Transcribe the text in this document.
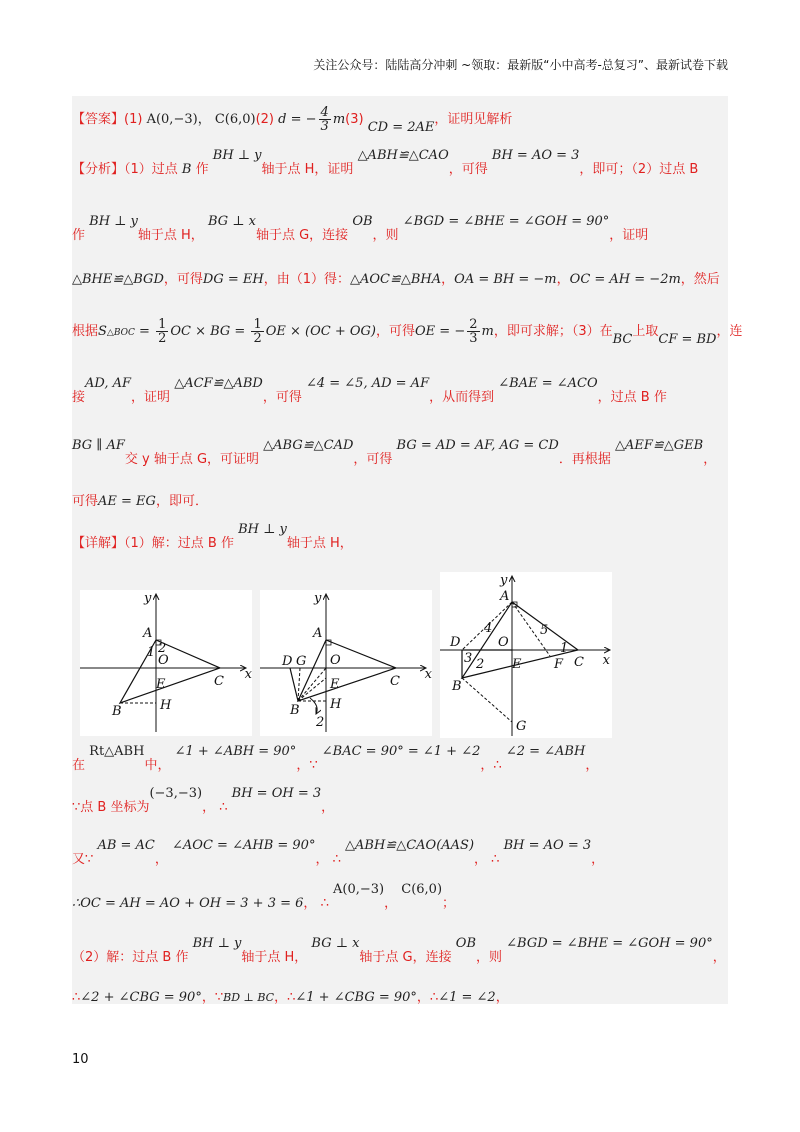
关注公众号：陆陆高分冲刺 ~领取：最新版“小中高考-总复习”、最新试卷下载
【答案】(1) A(0,−3)， C(6,0)(2) d = − $\frac{4}{3} m(3)$ CD = 2AE，证明见解析
【分析】（1）过点 B 作 BH ⊥ y轴于点 H，证明 △ABH≌△CAO，可得 BH = AO = 3，即可；（2）过点 B
作 BH ⊥ y轴于点 H， BG ⊥ x轴于点 G，连接 OB，则 ∠BGD = ∠BHE = ∠GOH = 90°，证明
△BHE≌△BGD，可得DG = EH，由（1）得：△AOC≌△BHA，OA = BH = −m，OC = AH = −2m，然后
根据S△BOC = $\frac{1}{2}$ OC × BG = $\frac{1}{2}$ OE × (OC + OG)，可得OE = − $\frac{2}{3}$ m，即可求解；（3）在BC上取CF = BD，连
接AD, AF，证明 △ACF≌△ABD，可得 ∠4 = ∠5, AD = AF，从而得到 ∠BAE = ∠ACO，过点 B 作
BG ∥ AF交 y 轴于点 G，可证明 △ABG≌△CAD，可得 BG = AD = AF, AG = CD．再根据 △AEF≌△GEB，
可得AE = EG，即可．
【详解】（1）解：过点 B 作 BH ⊥ y轴于点 H，
x
y
A
O
E	C
B	H
1 2
x
y
A
O
E	C
B H
D G
2
x
y
A
O
E	C
B
D
F
G
1
2
3
4	5
在 Rt△ABH中， ∠1 + ∠ABH = 90°，∵ ∠BAC = 90° = ∠1 + ∠2，∴ ∠2 = ∠ABH，
∵点 B 坐标为(−3,−3)， ∴ BH = OH = 3，
又∵ AB = AC， ∠AOC = ∠AHB = 90°， ∴ △ABH≌△CAO(AAS)， ∴ BH = AO = 3，
∴OC = AH = AO + OH = 3 + 3 = 6， ∴ A(0,−3)， C(6,0)；
（2）解：过点 B 作 BH ⊥ y轴于点 H， BG ⊥ x轴于点 G，连接 OB，则 ∠BGD = ∠BHE = ∠GOH = 90°，
∴∠2 + ∠CBG = 90°，∵BD ⊥ BC，∴∠1 + ∠CBG = 90°，∴∠1 = ∠2，
10
